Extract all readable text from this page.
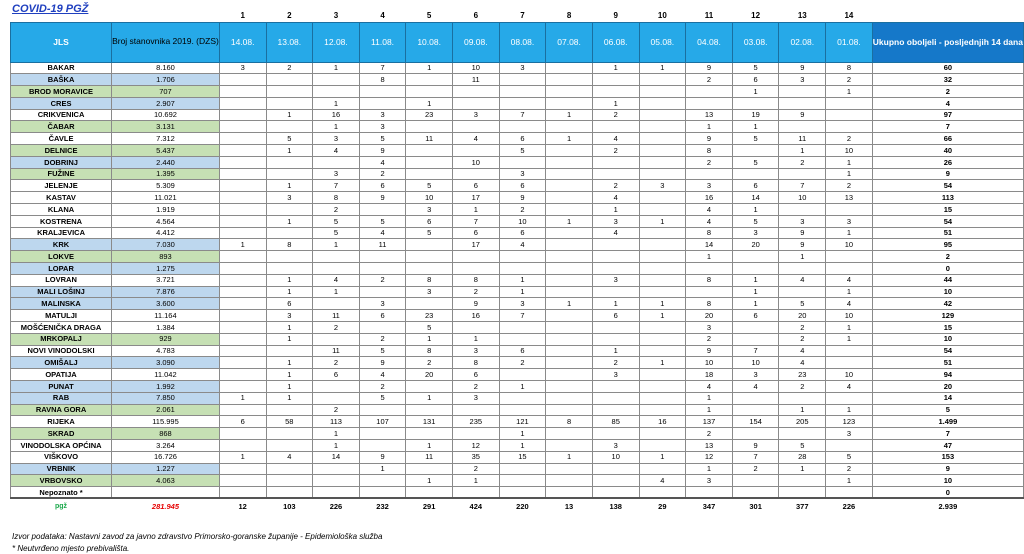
COVID-19 PGŽ
		1	2	3	4	5	6	7	8	9	10	11	12	13	14	
JLS	Broj stanovnika 2019. (DZS)	14.08.	13.08.	12.08.	11.08.	10.08.	09.08.	08.08.	07.08.	06.08.	05.08.	04.08.	03.08.	02.08.	01.08.	Ukupno oboljeli - posljednjih 14 dana
BAKAR	8.160	3	2	1	7	1	10	3		1	1	9	5	9	8	60
BAŠKA	1.706				8		11					2	6	3	2	32
BROD MORAVICE	707												1		1	2
CRES	2.907			1		1				1						4
CRIKVENICA	10.692		1	16	3	23	3	7	1	2		13	19	9		97
ČABAR	3.131			1	3							1	1			7
ČAVLE	7.312		5	3	5	11	4	6	1	4		9	5	11	2	66
DELNICE	5.437		1	4	9			5		2		8		1	10	40
DOBRINJ	2.440				4		10					2	5	2	1	26
FUŽINE	1.395			3	2			3							1	9
JELENJE	5.309		1	7	6	5	6	6		2	3	3	6	7	2	54
KASTAV	11.021		3	8	9	10	17	9		4		16	14	10	13	113
KLANA	1.919			2		3	1	2		1		4	1			15
KOSTRENA	4.564		1	5	5	6	7	10	1	3	1	4	5	3	3	54
KRALJEVICA	4.412			5	4	5	6	6		4		8	3	9	1	51
KRK	7.030	1	8	1	11		17	4				14	20	9	10	95
LOKVE	893											1		1		2
LOPAR	1.275															0
LOVRAN	3.721		1	4	2	8	8	1		3		8	1	4	4	44
MALI LOŠINJ	7.876		1	1		3	2	1					1		1	10
MALINSKA	3.600		6		3		9	3	1	1	1	8	1	5	4	42
MATULJI	11.164		3	11	6	23	16	7		6	1	20	6	20	10	129
MOŠĆENIČKA DRAGA	1.384		1	2		5						3		2	1	15
MRKOPALJ	929		1		2	1	1					2		2	1	10
NOVI VINODOLSKI	4.783			11	5	8	3	6		1		9	7	4		54
OMIŠALJ	3.090		1	2	9	2	8	2		2	1	10	10	4		51
OPATIJA	11.042		1	6	4	20	6			3		18	3	23	10	94
PUNAT	1.992		1		2		2	1				4	4	2	4	20
RAB	7.850	1	1		5	1	3					1				14
RAVNA GORA	2.061			2								1		1	1	5
RIJEKA	115.995	6	58	113	107	131	235	121	8	85	16	137	154	205	123	1.499
SKRAD	868			1				1				2			3	7
VINODOLSKA OPĆINA	3.264			1		1	12	1		3		13	9	5		47
VIŠKOVO	16.726	1	4	14	9	11	35	15	1	10	1	12	7	28	5	153
VRBNIK	1.227				1		2					1	2	1	2	9
VRBOVSKO	4.063					1	1				4	3			1	10
Nepoznato *																0
pgž	281.945	12	103	226	232	291	424	220	13	138	29	347	301	377	226	2.939
Izvor podataka: Nastavni zavod za javno zdravstvo Primorsko-goranske županije - Epidemiološka služba
* Neutvrđeno mjesto prebivališta.
